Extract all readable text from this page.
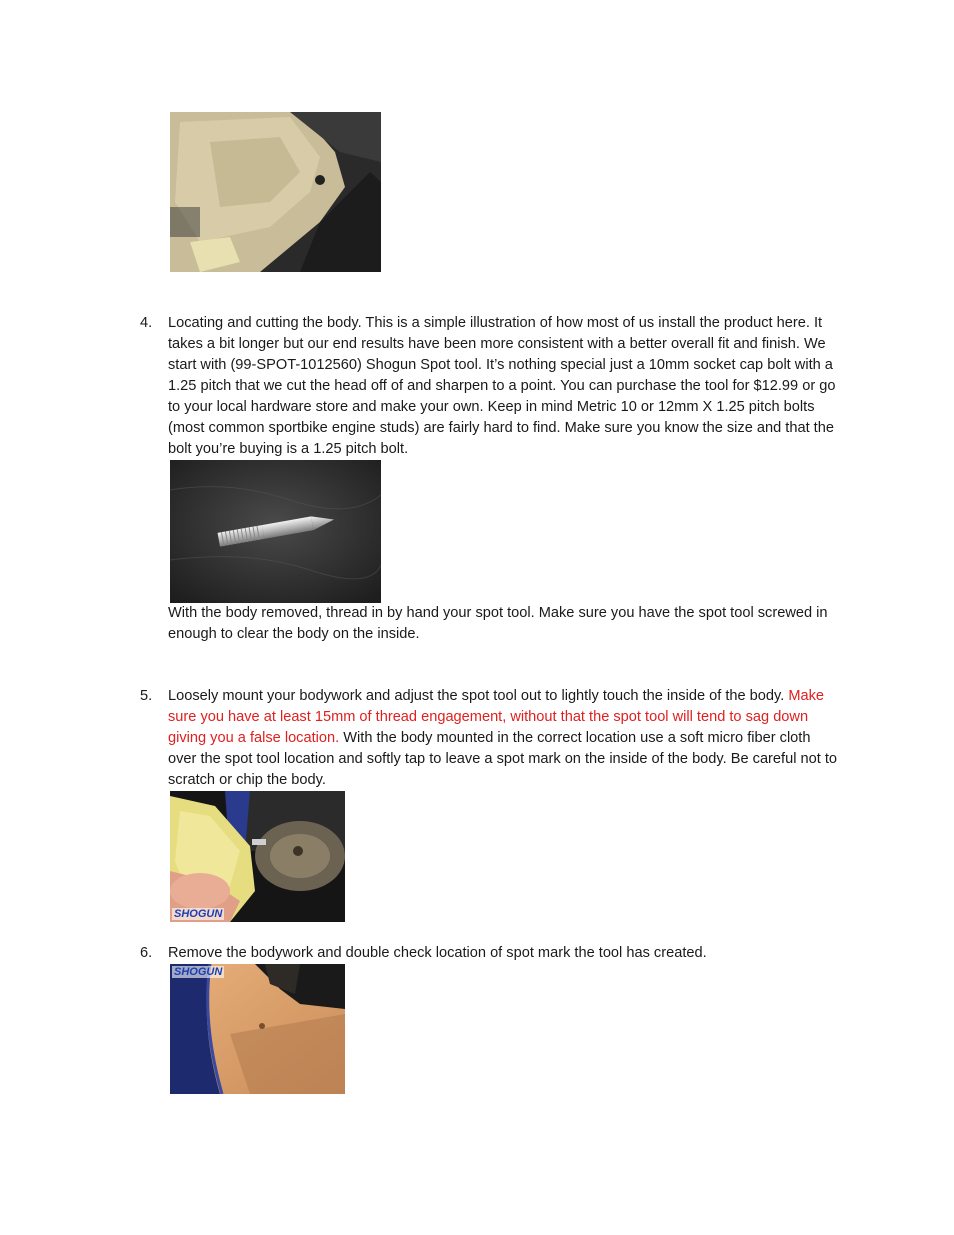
4.	Locating and cutting the body. This is a simple illustration of how most of us install the product here. It takes a bit longer but our end results have been more consistent with a better overall fit and finish. We start with (99-SPOT-1012560) Shogun Spot tool. It’s nothing special just a 10mm socket cap bolt with a 1.25 pitch that we cut the head off of and sharpen to a point. You can purchase the tool for $12.99 or go to your local hardware store and make your own. Keep in mind Metric 10 or 12mm X 1.25 pitch bolts (most common sportbike engine studs) are fairly hard to find. Make sure you know the size and that the bolt you’re buying is a 1.25 pitch bolt.
With the body removed, thread in by hand your spot tool. Make sure you have the spot tool screwed in enough to clear the body on the inside.
5.	Loosely mount your bodywork and adjust the spot tool out to lightly touch the inside of the body. Make sure you have at least 15mm of thread engagement, without that the spot tool will tend to sag down giving you a false location. With the body mounted in the correct location use a soft micro fiber cloth over the spot tool location and softly tap to leave a spot mark on the inside of the body. Be careful not to scratch or chip the body.
SHOGUN
6.	Remove the bodywork and double check location of spot mark the tool has created.
SHOGUN
